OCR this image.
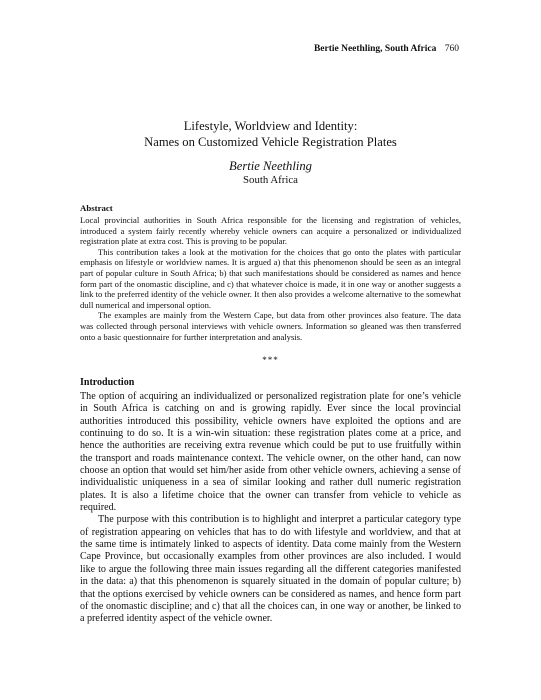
Bertie Neethling, South Africa 760
Lifestyle, Worldview and Identity:
Names on Customized Vehicle Registration Plates
Bertie Neethling
South Africa
Abstract

Local provincial authorities in South Africa responsible for the licensing and registration of vehicles, introduced a system fairly recently whereby vehicle owners can acquire a personalized or individualized registration plate at extra cost. This is proving to be popular.

This contribution takes a look at the motivation for the choices that go onto the plates with particular emphasis on lifestyle or worldview names. It is argued a) that this phenomenon should be seen as an integral part of popular culture in South Africa; b) that such manifestations should be considered as names and hence form part of the onomastic discipline, and c) that whatever choice is made, it in one way or another suggests a link to the preferred identity of the vehicle owner. It then also provides a welcome alternative to the somewhat dull numerical and impersonal option.

The examples are mainly from the Western Cape, but data from other provinces also feature. The data was collected through personal interviews with vehicle owners. Information so gleaned was then transferred onto a basic questionnaire for further interpretation and analysis.

***
Introduction

The option of acquiring an individualized or personalized registration plate for one’s vehicle in South Africa is catching on and is growing rapidly. Ever since the local provincial authorities introduced this possibility, vehicle owners have exploited the options and are continuing to do so. It is a win-win situation: these registration plates come at a price, and hence the authorities are receiving extra revenue which could be put to use fruitfully within the transport and roads maintenance context. The vehicle owner, on the other hand, can now choose an option that would set him/her aside from other vehicle owners, achieving a sense of individualistic uniqueness in a sea of similar looking and rather dull numeric registration plates. It is also a lifetime choice that the owner can transfer from vehicle to vehicle as required.

The purpose with this contribution is to highlight and interpret a particular category type of registration appearing on vehicles that has to do with lifestyle and worldview, and that at the same time is intimately linked to aspects of identity. Data come mainly from the Western Cape Province, but occasionally examples from other provinces are also included. I would like to argue the following three main issues regarding all the different categories manifested in the data: a) that this phenomenon is squarely situated in the domain of popular culture; b) that the options exercised by vehicle owners can be considered as names, and hence form part of the onomastic discipline; and c) that all the choices can, in one way or another, be linked to a preferred identity aspect of the vehicle owner.
